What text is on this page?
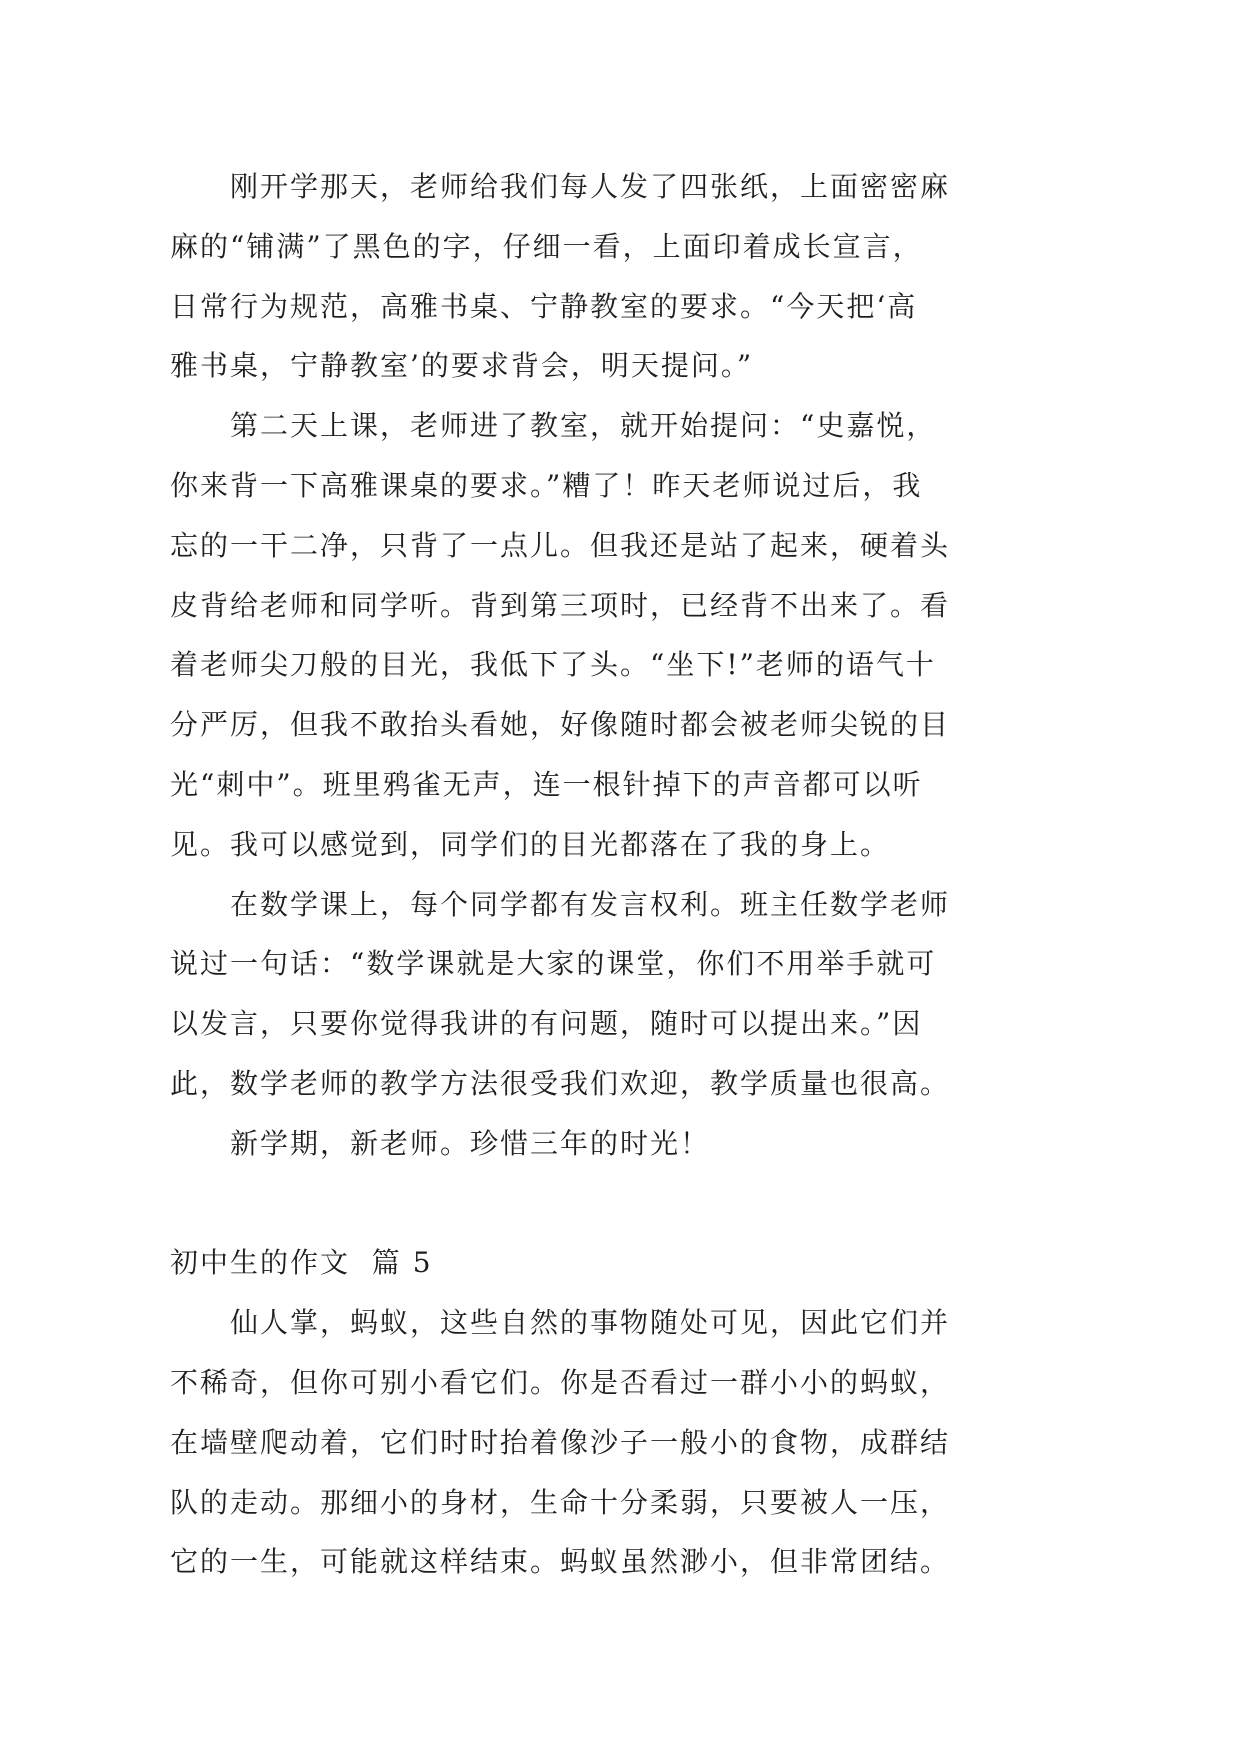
刚开学那天，老师给我们每人发了四张纸，上面密密麻
麻的“铺满”了黑色的字，仔细一看，上面印着成长宣言，
日常行为规范，高雅书桌、宁静教室的要求。“今天把‘高
雅书桌，宁静教室’的要求背会，明天提问。”
第二天上课，老师进了教室，就开始提问：“史嘉悦，
你来背一下高雅课桌的要求。”糟了！昨天老师说过后，我
忘的一干二净，只背了一点儿。但我还是站了起来，硬着头
皮背给老师和同学听。背到第三项时，已经背不出来了。看
着老师尖刀般的目光，我低下了头。“坐下!”老师的语气十
分严厉，但我不敢抬头看她，好像随时都会被老师尖锐的目
光“刺中”。班里鸦雀无声，连一根针掉下的声音都可以听
见。我可以感觉到，同学们的目光都落在了我的身上。
在数学课上，每个同学都有发言权利。班主任数学老师
说过一句话：“数学课就是大家的课堂，你们不用举手就可
以发言，只要你觉得我讲的有问题，随时可以提出来。”因
此，数学老师的教学方法很受我们欢迎，教学质量也很高。
新学期，新老师。珍惜三年的时光！
初中生的作文  篇 5
仙人掌，蚂蚁，这些自然的事物随处可见，因此它们并
不稀奇，但你可别小看它们。你是否看过一群小小的蚂蚁，
在墙壁爬动着，它们时时抬着像沙子一般小的食物，成群结
队的走动。那细小的身材，生命十分柔弱，只要被人一压，
它的一生，可能就这样结束。蚂蚁虽然渺小，但非常团结。
